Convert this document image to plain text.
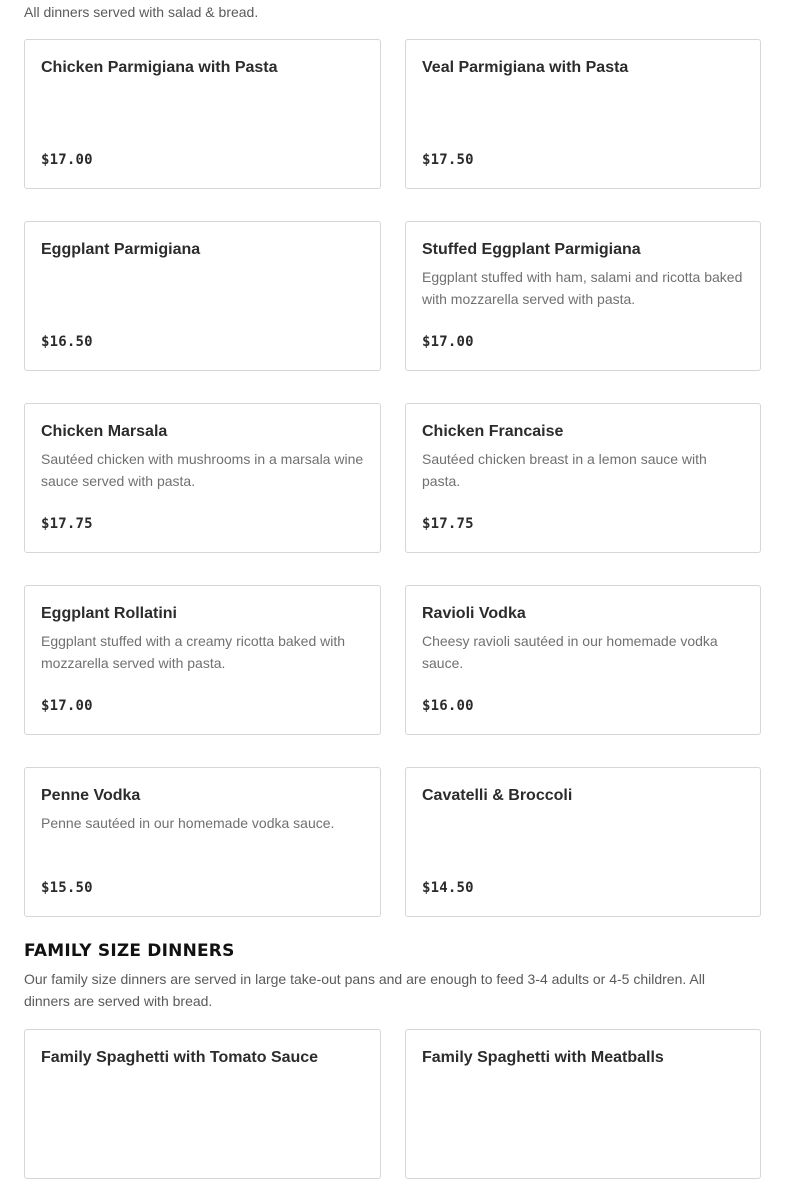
All dinners served with salad & bread.

Chicken Parmigiana with Pasta

$17.00

Veal Parmigiana with Pasta

$17.50

Eggplant Parmigiana

$16.50

Stuffed Eggplant Parmigiana

Eggplant stuffed with ham, salami and ricotta baked with mozzarella served with pasta.

$17.00

Chicken Marsala

Sautéed chicken with mushrooms in a marsala wine sauce served with pasta.

$17.75

Chicken Francaise

Sautéed chicken breast in a lemon sauce with pasta.

$17.75

Eggplant Rollatini

Eggplant stuffed with a creamy ricotta baked with mozzarella served with pasta.

$17.00

Ravioli Vodka

Cheesy ravioli sautéed in our homemade vodka sauce.

$16.00

Penne Vodka

Penne sautéed in our homemade vodka sauce.

$15.50

Cavatelli & Broccoli

$14.50
FAMILY SIZE DINNERS

Our family size dinners are served in large take-out pans and are enough to feed 3-4 adults or 4-5 children. All dinners are served with bread.

Family Spaghetti with Tomato Sauce	Family Spaghetti with Meatballs
